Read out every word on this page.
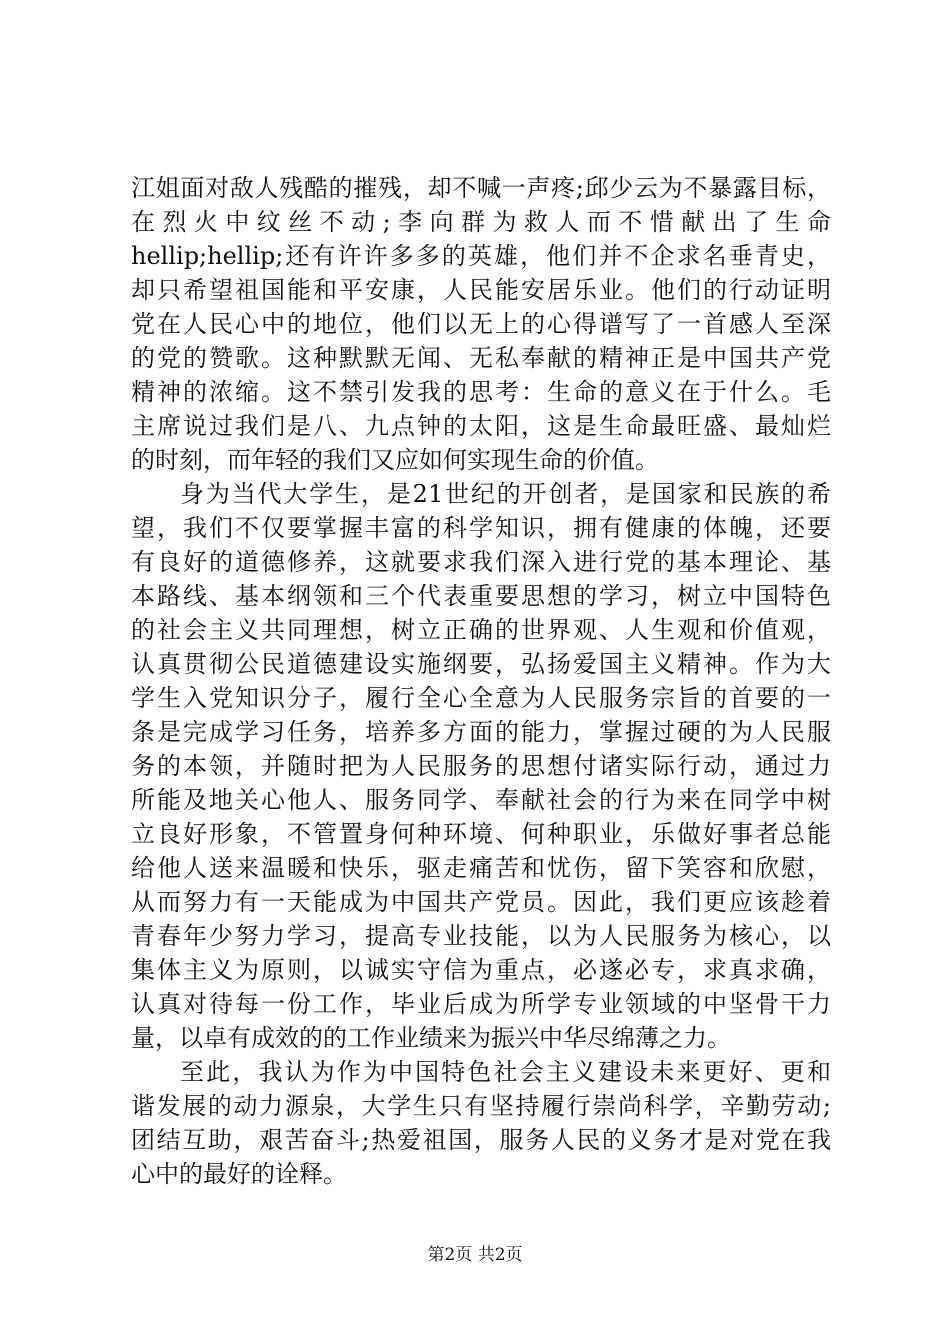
江姐面对敌人残酷的摧残，却不喊一声疼;邱少云为不暴露目标，
在烈火中纹丝不动;李向群为救人而不惜献出了生命
hellip;hellip;还有许许多多的英雄，他们并不企求名垂青史，
却只希望祖国能和平安康，人民能安居乐业。他们的行动证明
党在人民心中的地位，他们以无上的心得谱写了一首感人至深
的党的赞歌。这种默默无闻、无私奉献的精神正是中国共产党
精神的浓缩。这不禁引发我的思考：生命的意义在于什么。毛
主席说过我们是八、九点钟的太阳，这是生命最旺盛、最灿烂
的时刻，而年轻的我们又应如何实现生命的价值。
身为当代大学生，是21世纪的开创者，是国家和民族的希
望，我们不仅要掌握丰富的科学知识，拥有健康的体魄，还要
有良好的道德修养，这就要求我们深入进行党的基本理论、基
本路线、基本纲领和三个代表重要思想的学习，树立中国特色
的社会主义共同理想，树立正确的世界观、人生观和价值观，
认真贯彻公民道德建设实施纲要，弘扬爱国主义精神。作为大
学生入党知识分子，履行全心全意为人民服务宗旨的首要的一
条是完成学习任务，培养多方面的能力，掌握过硬的为人民服
务的本领，并随时把为人民服务的思想付诸实际行动，通过力
所能及地关心他人、服务同学、奉献社会的行为来在同学中树
立良好形象，不管置身何种环境、何种职业，乐做好事者总能
给他人送来温暖和快乐，驱走痛苦和忧伤，留下笑容和欣慰，
从而努力有一天能成为中国共产党员。因此，我们更应该趁着
青春年少努力学习，提高专业技能，以为人民服务为核心，以
集体主义为原则，以诚实守信为重点，必遂必专，求真求确，
认真对待每一份工作，毕业后成为所学专业领域的中坚骨干力
量，以卓有成效的的工作业绩来为振兴中华尽绵薄之力。
至此，我认为作为中国特色社会主义建设未来更好、更和
谐发展的动力源泉，大学生只有坚持履行崇尚科学，辛勤劳动;
团结互助，艰苦奋斗;热爱祖国，服务人民的义务才是对党在我
心中的最好的诠释。
第2页 共2页
